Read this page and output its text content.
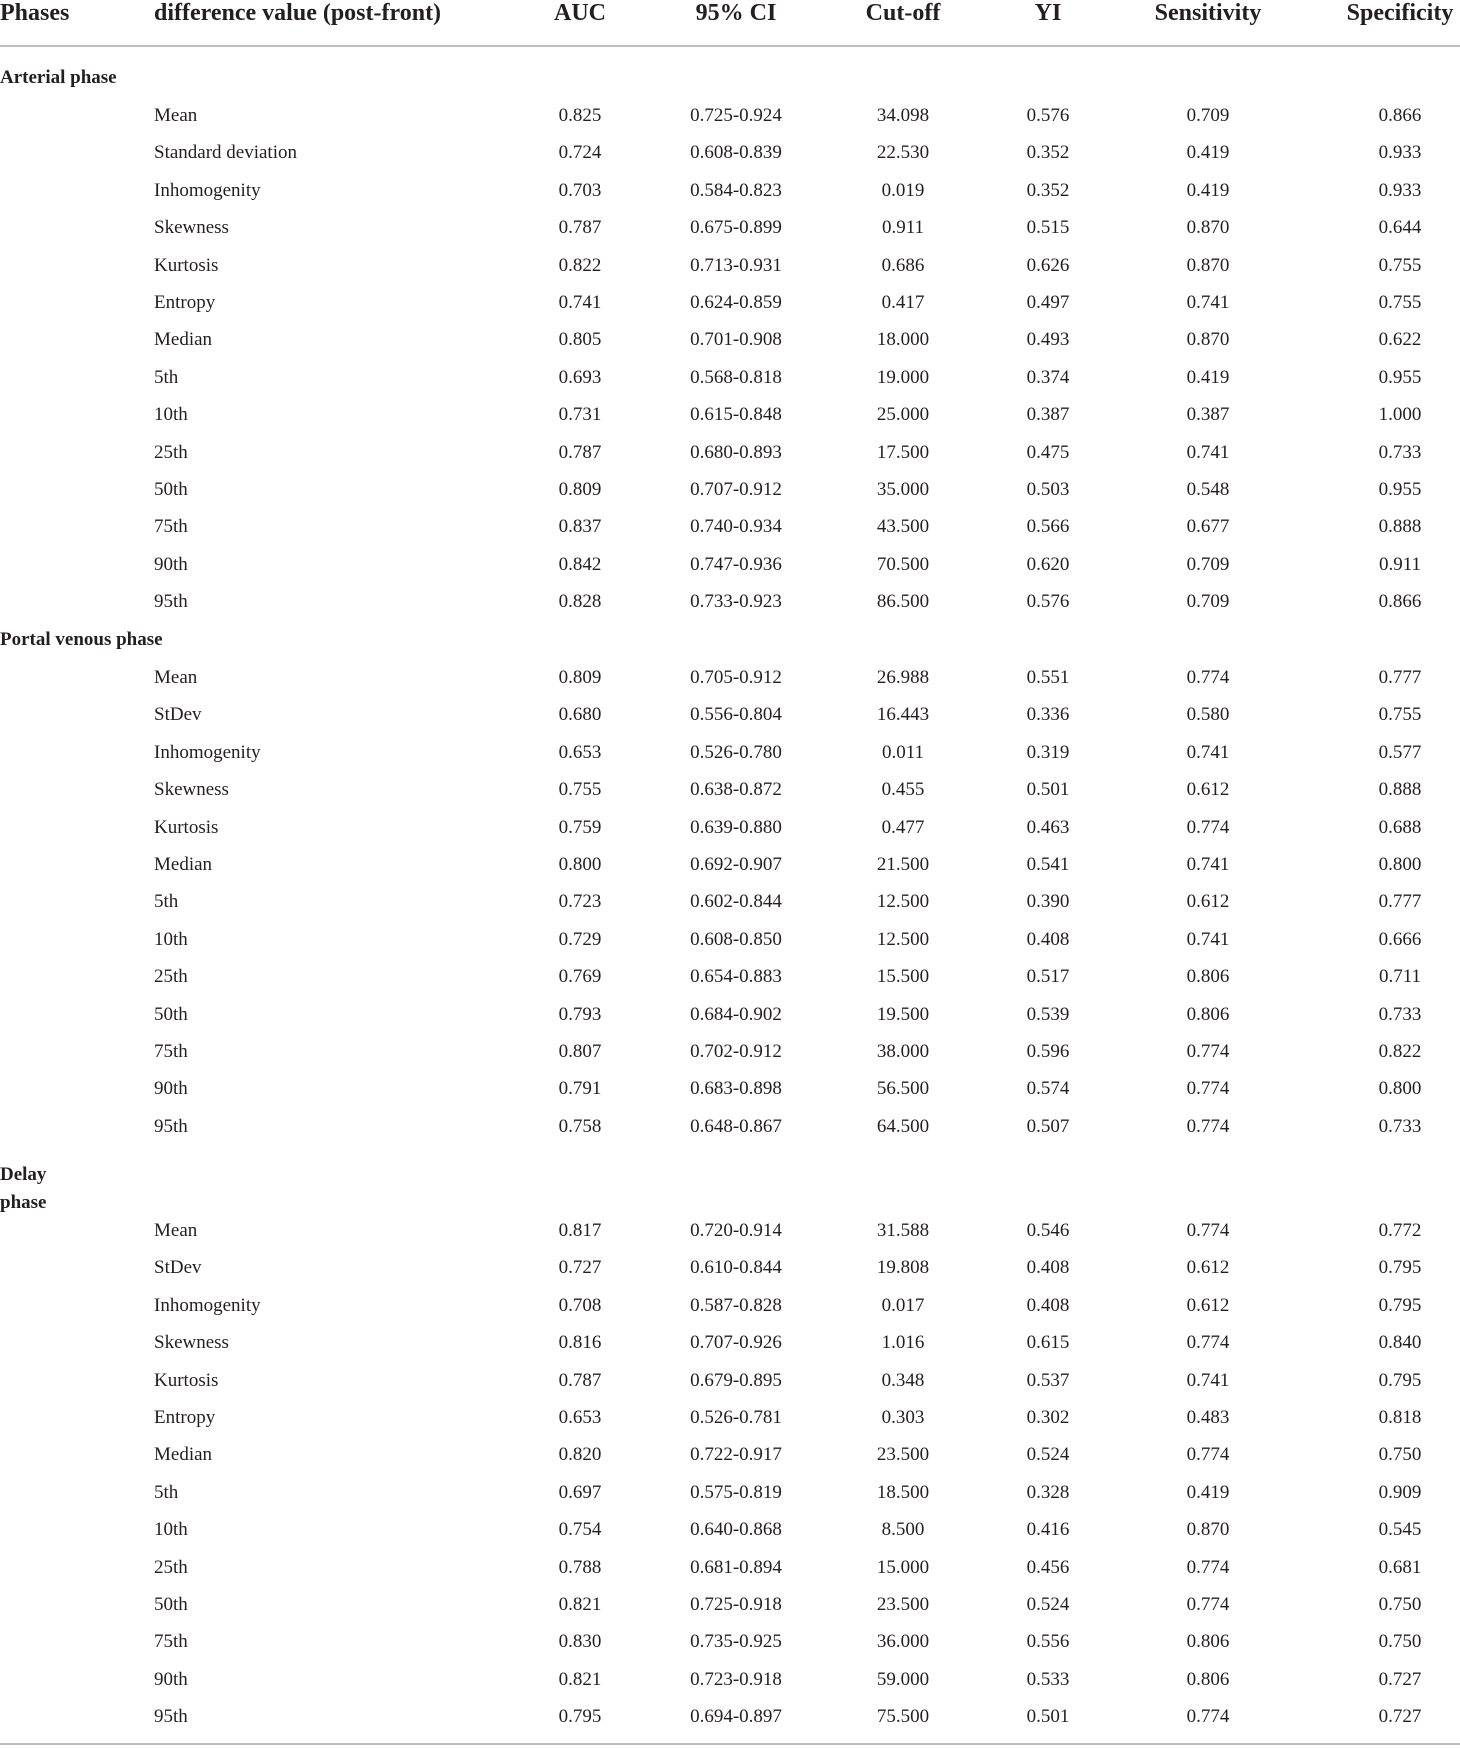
Phases	difference value (post-front)	AUC	95% CI	Cut-off	YI	Sensitivity	Specificity
Arterial phase
Mean	0.825	0.725-0.924	34.098	0.576	0.709	0.866
Standard deviation	0.724	0.608-0.839	22.530	0.352	0.419	0.933
Inhomogenity	0.703	0.584-0.823	0.019	0.352	0.419	0.933
Skewness	0.787	0.675-0.899	0.911	0.515	0.870	0.644
Kurtosis	0.822	0.713-0.931	0.686	0.626	0.870	0.755
Entropy	0.741	0.624-0.859	0.417	0.497	0.741	0.755
Median	0.805	0.701-0.908	18.000	0.493	0.870	0.622
5th	0.693	0.568-0.818	19.000	0.374	0.419	0.955
10th	0.731	0.615-0.848	25.000	0.387	0.387	1.000
25th	0.787	0.680-0.893	17.500	0.475	0.741	0.733
50th	0.809	0.707-0.912	35.000	0.503	0.548	0.955
75th	0.837	0.740-0.934	43.500	0.566	0.677	0.888
90th	0.842	0.747-0.936	70.500	0.620	0.709	0.911
95th	0.828	0.733-0.923	86.500	0.576	0.709	0.866
Portal venous phase
Mean	0.809	0.705-0.912	26.988	0.551	0.774	0.777
StDev	0.680	0.556-0.804	16.443	0.336	0.580	0.755
Inhomogenity	0.653	0.526-0.780	0.011	0.319	0.741	0.577
Skewness	0.755	0.638-0.872	0.455	0.501	0.612	0.888
Kurtosis	0.759	0.639-0.880	0.477	0.463	0.774	0.688
Median	0.800	0.692-0.907	21.500	0.541	0.741	0.800
5th	0.723	0.602-0.844	12.500	0.390	0.612	0.777
10th	0.729	0.608-0.850	12.500	0.408	0.741	0.666
25th	0.769	0.654-0.883	15.500	0.517	0.806	0.711
50th	0.793	0.684-0.902	19.500	0.539	0.806	0.733
75th	0.807	0.702-0.912	38.000	0.596	0.774	0.822
90th	0.791	0.683-0.898	56.500	0.574	0.774	0.800
95th	0.758	0.648-0.867	64.500	0.507	0.774	0.733
Delay
phase
Mean	0.817	0.720-0.914	31.588	0.546	0.774	0.772
StDev	0.727	0.610-0.844	19.808	0.408	0.612	0.795
Inhomogenity	0.708	0.587-0.828	0.017	0.408	0.612	0.795
Skewness	0.816	0.707-0.926	1.016	0.615	0.774	0.840
Kurtosis	0.787	0.679-0.895	0.348	0.537	0.741	0.795
Entropy	0.653	0.526-0.781	0.303	0.302	0.483	0.818
Median	0.820	0.722-0.917	23.500	0.524	0.774	0.750
5th	0.697	0.575-0.819	18.500	0.328	0.419	0.909
10th	0.754	0.640-0.868	8.500	0.416	0.870	0.545
25th	0.788	0.681-0.894	15.000	0.456	0.774	0.681
50th	0.821	0.725-0.918	23.500	0.524	0.774	0.750
75th	0.830	0.735-0.925	36.000	0.556	0.806	0.750
90th	0.821	0.723-0.918	59.000	0.533	0.806	0.727
95th	0.795	0.694-0.897	75.500	0.501	0.774	0.727
